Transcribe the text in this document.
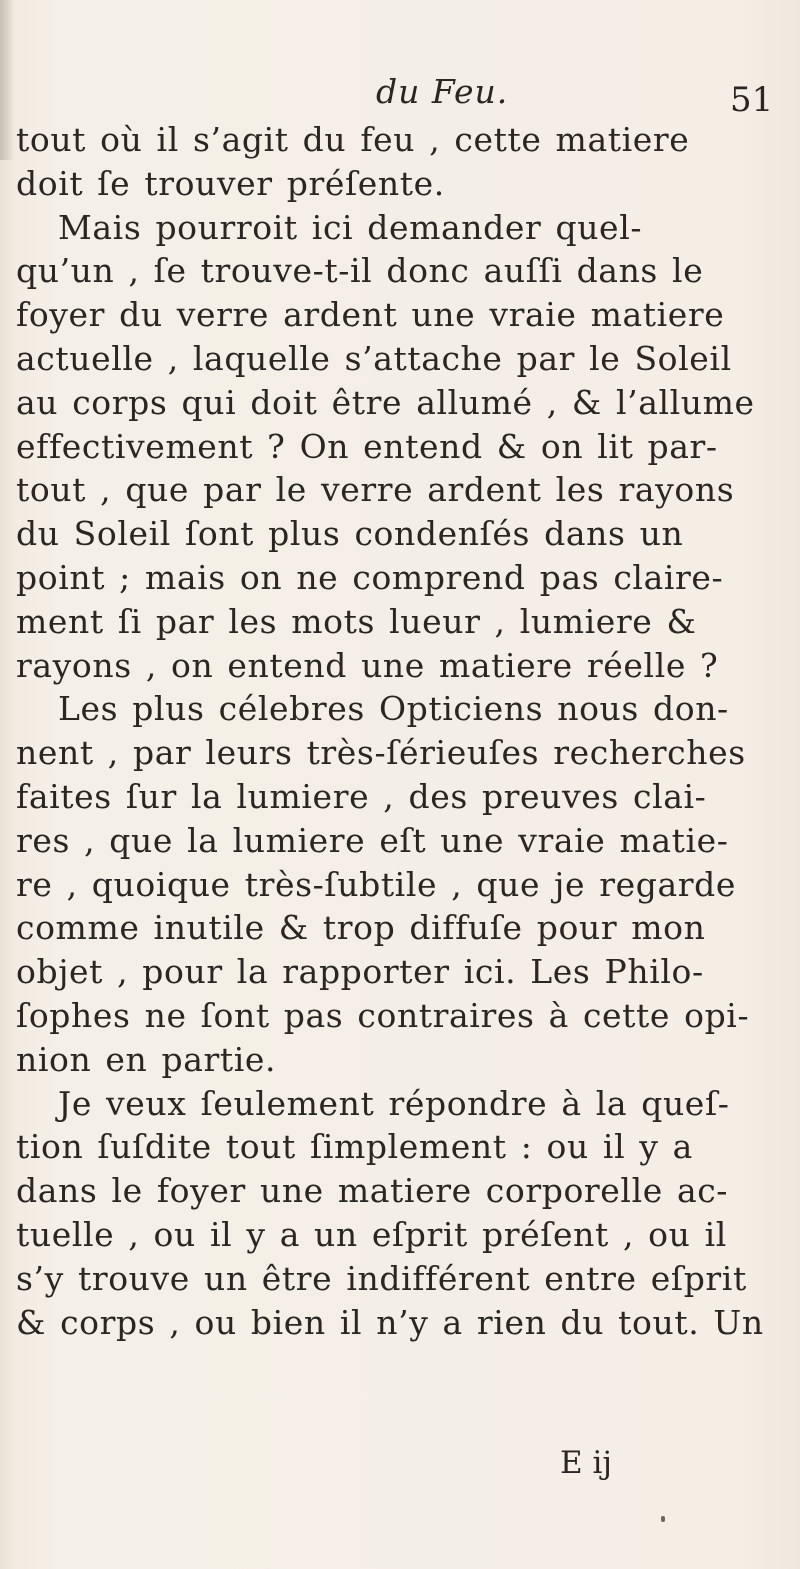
du Feu.	51
tout où il s’agit du feu , cette matiere
doit ſe trouver préſente.
Mais pourroit ici demander quel-
qu’un , ſe trouve-t-il donc auſſi dans le
foyer du verre ardent une vraie matiere
actuelle , laquelle s’attache par le Soleil
au corps qui doit être allumé , & l’allume
effectivement ? On entend & on lit par-
tout , que par le verre ardent les rayons
du Soleil ſont plus condenſés dans un
point ; mais on ne comprend pas claire-
ment ſi par les mots lueur , lumiere &
rayons , on entend une matiere réelle ?
Les plus célebres Opticiens nous don-
nent , par leurs très-ſérieuſes recherches
faites ſur la lumiere , des preuves clai-
res , que la lumiere eſt une vraie matie-
re , quoique très-ſubtile , que je regarde
comme inutile & trop diffuſe pour mon
objet , pour la rapporter ici. Les Philo-
ſophes ne ſont pas contraires à cette opi-
nion en partie.
Je veux ſeulement répondre à la queſ-
tion ſuſdite tout ſimplement : ou il y a
dans le foyer une matiere corporelle ac-
tuelle , ou il y a un eſprit préſent , ou il
s’y trouve un être indifférent entre eſprit
& corps , ou bien il n’y a rien du tout. Un
E ij
